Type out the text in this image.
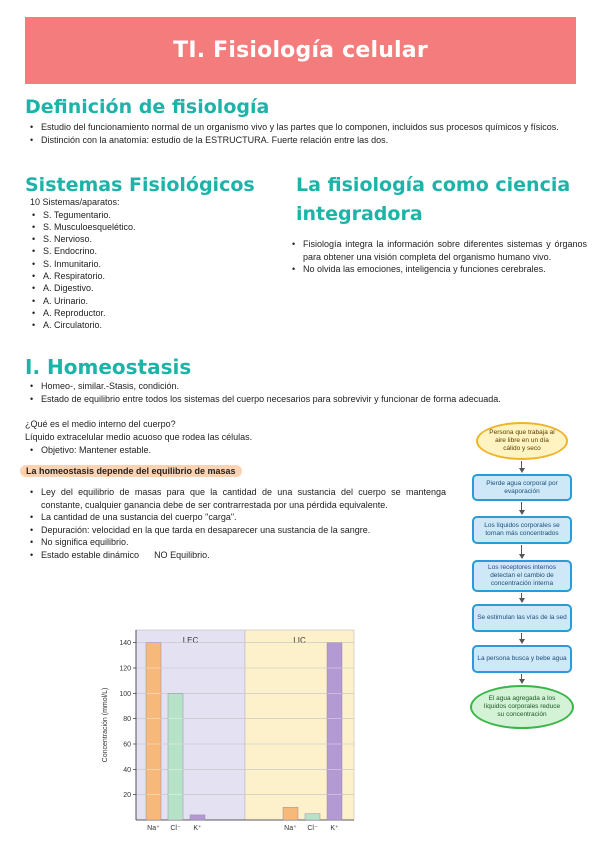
TI. Fisiología celular
Definición de fisiología
• Estudio del funcionamiento normal de un organismo vivo y las partes que lo componen, incluidos sus procesos químicos y físicos.
• Distinción con la anatomía: estudio de la ESTRUCTURA. Fuerte relación entre las dos.
Sistemas Fisiológicos
10 Sistemas/aparatos:
• S. Tegumentario.
• S. Musculoesquelético.
• S. Nervioso.
• S. Endocrino.
• S. Inmunitario.
• A. Respiratorio.
• A. Digestivo.
• A. Urinario.
• A. Reproductor.
• A. Circulatorio.
La fisiología como ciencia
integradora
• Fisiología integra la información sobre diferentes sistemas y órganos para obtener una visión completa del organismo humano vivo.
• No olvida las emociones, inteligencia y funciones cerebrales.
I. Homeostasis
• Homeo-, similar.-Stasis, condición.
• Estado de equilibrio entre todos los sistemas del cuerpo necesarios para sobrevivir y funcionar de forma adecuada.
¿Qué es el medio interno del cuerpo?
Líquido extracelular medio acuoso que rodea las células.
• Objetivo: Mantener estable.
La homeostasis depende del equilibrio de masas
• Ley del equilibrio de masas para que la cantidad de una sustancia del cuerpo se mantenga constante, cualquier ganancia debe de ser contrarrestada por una pérdida equivalente.
• La cantidad de una sustancia del cuerpo "carga".
• Depuración: velocidad en la que tarda en desaparecer una sustancia de la sangre.
• No significa equilibrio.
• Estado estable dinámico      NO Equilibrio.
Persona que trabaja al aire libre en un día cálido y seco
Pierde agua corporal por evaporación
Los líquidos corporales se tornan más concentrados
Los receptores internos detectan el cambio de concentración interna
Se estimulan las vías de la sed
La persona busca y bebe agua
El agua agregada a los líquidos corporales reduce su concentración
LEC	LIC
20
40
60
80
100
120
140
Concentración (mmol/L)
Na⁺ Cl⁻ K⁺	Na⁺ Cl⁻ K⁺
